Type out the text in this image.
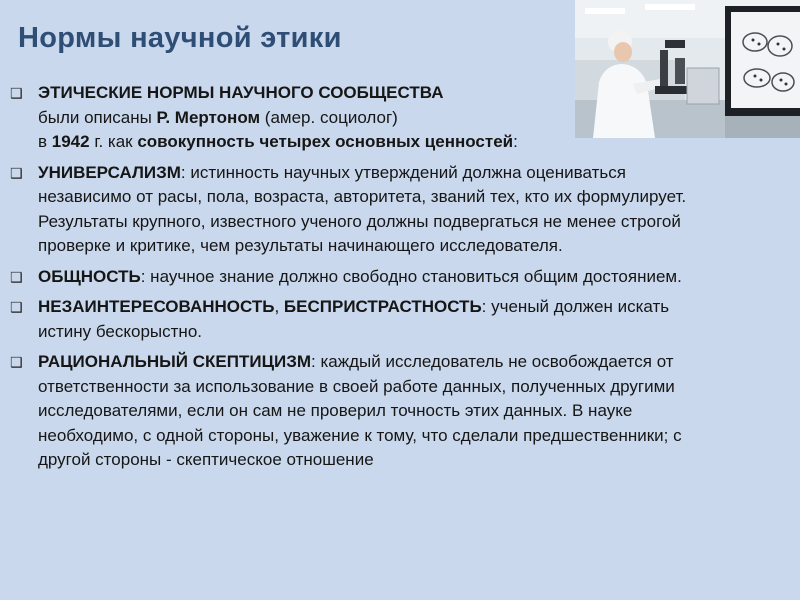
Нормы научной этики
❑ ЭТИЧЕСКИЕ НОРМЫ НАУЧНОГО СООБЩЕСТВА
были описаны Р. Мертоном (амер. социолог)
в 1942 г. как совокупность четырех основных ценностей:
❑ УНИВЕРСАЛИЗМ: истинность научных утверждений должна оцениваться независимо от расы, пола, возраста, авторитета, званий тех, кто их формулирует. Результаты крупного, известного ученого должны подвергаться не менее строгой проверке и критике, чем результаты начинающего исследователя.
❑ ОБЩНОСТЬ: научное знание должно свободно становиться общим достоянием.
❑ НЕЗАИНТЕРЕСОВАННОСТЬ, БЕСПРИСТРАСТНОСТЬ: ученый должен искать истину бескорыстно.
❑ РАЦИОНАЛЬНЫЙ СКЕПТИЦИЗМ: каждый исследователь не освобождается от ответственности за использование в своей работе данных, полученных другими исследователями, если он сам не проверил точность этих данных. В науке необходимо, с одной стороны, уважение к тому, что сделали предшественники; с другой стороны - скептическое отношение
